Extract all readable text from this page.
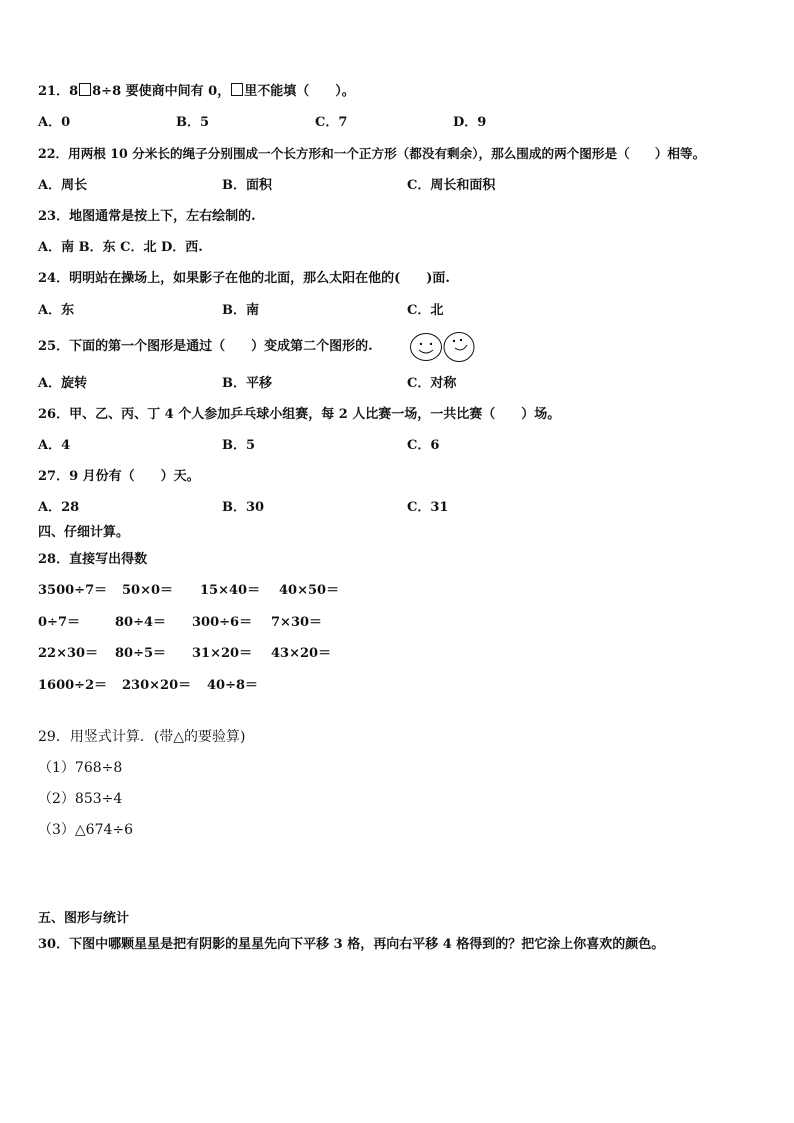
21．8 8÷8 要使商中间有 0， 里不能填（　　）。
A．0	B．5	C．7	D．9
22．用两根 10 分米长的绳子分别围成一个长方形和一个正方形（都没有剩余），那么围成的两个图形是（　　）相等。
A．周长	B．面积	C．周长和面积
23．地图通常是按上下，左右绘制的.
A．南 B．东 C．北 D．西.
24．明明站在操场上，如果影子在他的北面，那么太阳在他的(　　)面.
A．东	B．南	C．北
25．下面的第一个图形是通过（　　）变成第二个图形的.
A．旋转	B．平移	C．对称
26．甲、乙、丙、丁 4 个人参加乒乓球小组赛，每 2 人比赛一场，一共比赛（　　）场。
A．4	B．5	C．6
27．9 月份有（　　）天。
A．28	B．30	C．31
四、仔细计算。
28．直接写出得数
3500÷7＝ 50×0＝ 15×40＝ 40×50＝
0÷7＝	80÷4＝ 300÷6＝ 7×30＝
22×30＝ 80÷5＝ 31×20＝ 43×20＝
1600÷2＝ 230×20＝ 40÷8＝
29．用竖式计算．(带△的要验算)
（1）768÷8
（2）853÷4
（3）△674÷6
五、图形与统计
30．下图中哪颗星星是把有阴影的星星先向下平移 3 格，再向右平移 4 格得到的？把它涂上你喜欢的颜色。
